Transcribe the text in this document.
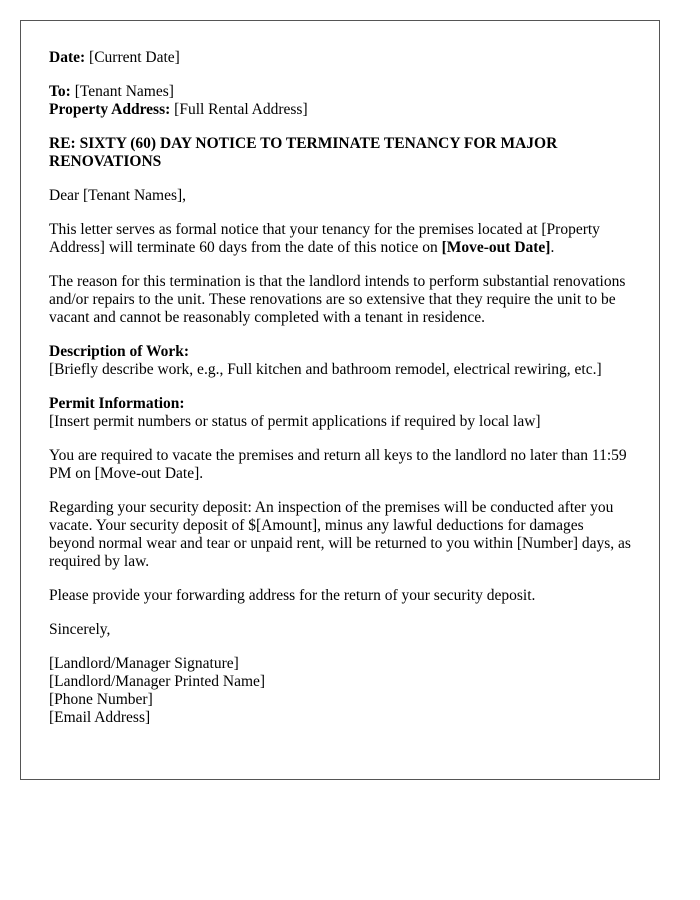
Date: [Current Date]
To: [Tenant Names]
Property Address: [Full Rental Address]
RE: SIXTY (60) DAY NOTICE TO TERMINATE TENANCY FOR MAJOR RENOVATIONS
Dear [Tenant Names],
This letter serves as formal notice that your tenancy for the premises located at [Property Address] will terminate 60 days from the date of this notice on [Move-out Date].
The reason for this termination is that the landlord intends to perform substantial renovations and/or repairs to the unit. These renovations are so extensive that they require the unit to be vacant and cannot be reasonably completed with a tenant in residence.
Description of Work:
[Briefly describe work, e.g., Full kitchen and bathroom remodel, electrical rewiring, etc.]
Permit Information:
[Insert permit numbers or status of permit applications if required by local law]
You are required to vacate the premises and return all keys to the landlord no later than 11:59 PM on [Move-out Date].
Regarding your security deposit: An inspection of the premises will be conducted after you vacate. Your security deposit of $[Amount], minus any lawful deductions for damages beyond normal wear and tear or unpaid rent, will be returned to you within [Number] days, as required by law.
Please provide your forwarding address for the return of your security deposit.
Sincerely,
[Landlord/Manager Signature]
[Landlord/Manager Printed Name]
[Phone Number]
[Email Address]
